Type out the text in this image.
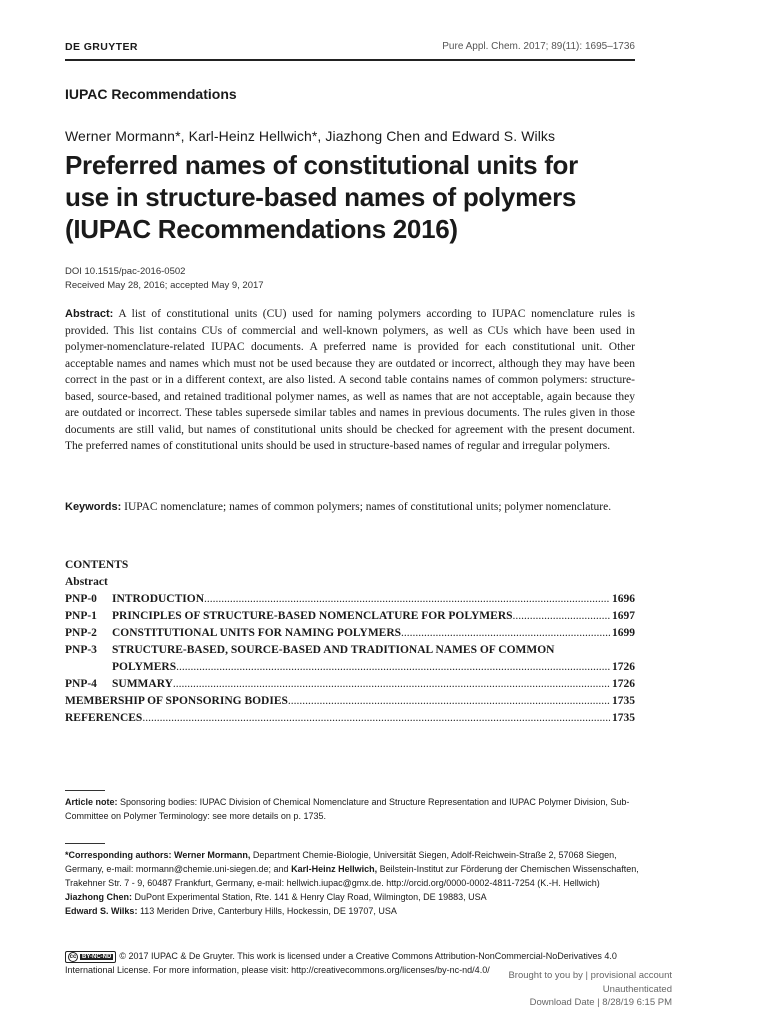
DE GRUYTER	Pure Appl. Chem. 2017; 89(11): 1695–1736
IUPAC Recommendations
Werner Mormann*, Karl-Heinz Hellwich*, Jiazhong Chen and Edward S. Wilks
Preferred names of constitutional units for
use in structure-based names of polymers
(IUPAC Recommendations 2016)
DOI 10.1515/pac-2016-0502
Received May 28, 2016; accepted May 9, 2017

Abstract: A list of constitutional units (CU) used for naming polymers according to IUPAC nomenclature rules is provided. This list contains CUs of commercial and well-known polymers, as well as CUs which have been used in polymer-nomenclature-related IUPAC documents. A preferred name is provided for each constitutional unit. Other acceptable names and names which must not be used because they are outdated or incorrect, although they may have been correct in the past or in a different context, are also listed. A second table contains names of common polymers: structure-based, source-based, and retained traditional polymer names, as well as names that are not acceptable, again because they are outdated or incorrect. These tables supersede similar tables and names in previous documents. The rules given in those documents are still valid, but names of constitutional units should be checked for agreement with the present document. The preferred names of constitutional units should be used in structure-based names of regular and irregular polymers.

Keywords: IUPAC nomenclature; names of common polymers; names of constitutional units; polymer nomenclature.

CONTENTS
Abstract
PNP-0	INTRODUCTION .....	1696
PNP-1	PRINCIPLES OF STRUCTURE-BASED NOMENCLATURE FOR POLYMERS .....	1697
PNP-2	CONSTITUTIONAL UNITS FOR NAMING POLYMERS .....	1699
PNP-3	STRUCTURE-BASED, SOURCE-BASED AND TRADITIONAL NAMES OF COMMON
POLYMERS .....	1726
PNP-4	SUMMARY .....	1726
MEMBERSHIP OF SPONSORING BODIES .....	1735
REFERENCES .....	1735

Article note: Sponsoring bodies: IUPAC Division of Chemical Nomenclature and Structure Representation and IUPAC Polymer Division, Sub-Committee on Polymer Terminology: see more details on p. 1735.

*Corresponding authors: Werner Mormann, Department Chemie-Biologie, Universität Siegen, Adolf-Reichwein-Straße 2, 57068 Siegen, Germany, e-mail: mormann@chemie.uni-siegen.de; and Karl-Heinz Hellwich, Beilstein-Institut zur Förderung der Chemischen Wissenschaften, Trakehner Str. 7 - 9, 60487 Frankfurt, Germany, e-mail: hellwich.iupac@gmx.de. http://orcid.org/0000-0002-4811-7254 (K.-H. Hellwich)
Jiazhong Chen: DuPont Experimental Station, Rte. 141 & Henry Clay Road, Wilmington, DE 19883, USA
Edward S. Wilks: 113 Meriden Drive, Canterbury Hills, Hockessin, DE 19707, USA

cc BY-NC-ND © 2017 IUPAC & De Gruyter. This work is licensed under a Creative Commons Attribution-NonCommercial-NoDerivatives 4.0 International License. For more information, please visit: http://creativecommons.org/licenses/by-nc-nd/4.0/	Brought to you by | provisional account
Unauthenticated
Download Date | 8/28/19 6:15 PM
